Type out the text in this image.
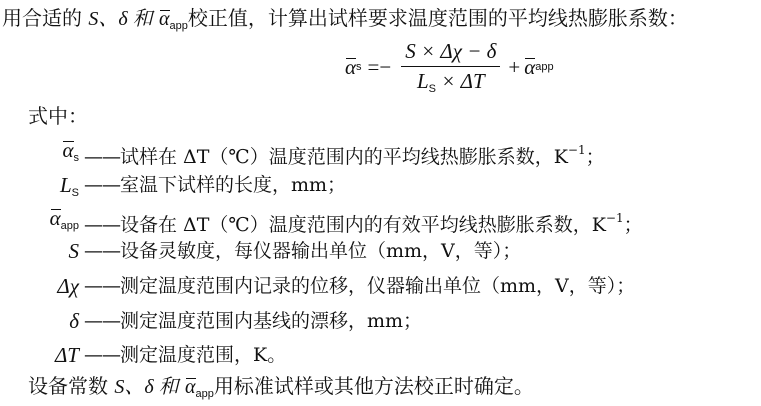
用合适的 S、δ 和 $\alpha_{app}$校正值，计算出试样要求温度范围的平均线热膨胀系数：
α $s =- \frac{S \times \Delta\chi - \delta}{L_S \times \Delta T} + \alpha$ app
式中：
$\alpha_s$ ——试样在 ΔT（℃）温度范围内的平均线热膨胀系数，$K^{-1}$；
$L_S$ ——室温下试样的长度，mm；
$\alpha_{app}$ ——设备在 ΔT（℃）温度范围内的有效平均线热膨胀系数，$K^{-1}$；
S ——设备灵敏度，每仪器输出单位（mm，V，等）；
Δχ ——测定温度范围内记录的位移，仪器输出单位（mm，V，等）；
δ ——测定温度范围内基线的漂移，mm；
ΔT ——测定温度范围，K。
设备常数 S、δ 和 $\alpha_{app}$用标准试样或其他方法校正时确定。
